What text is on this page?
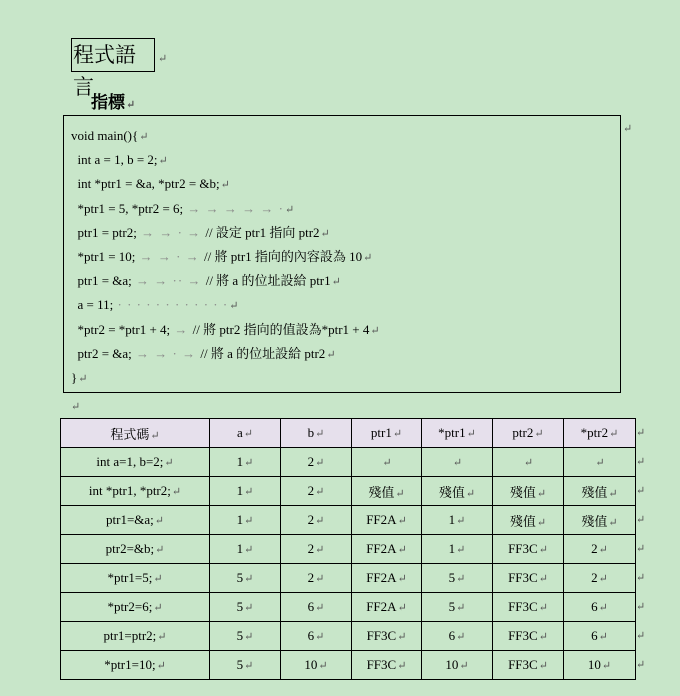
程式語言
↵
指標↵
void main(){↵
int a = 1, b = 2;↵
int *ptr1 = &a, *ptr2 = &b;↵
*ptr1 = 5, *ptr2 = 6; → → → → → ·↵
ptr1 = ptr2; → → · → // 設定 ptr1 指向 ptr2↵
*ptr1 = 10; → → · → // 將 ptr1 指向的內容設為 10↵
ptr1 = &a; → → ·· → // 將 a 的位址設給 ptr1↵
a = 11; · · · · · · · · · · · ·↵
*ptr2 = *ptr1 + 4; → // 將 ptr2 指向的值設為*ptr1 + 4↵
ptr2 = &a; → → · → // 將 a 的位址設給 ptr2↵
}↵
↵
↵
程式碼↵	a↵	b↵	ptr1↵	*ptr1↵	ptr2↵	*ptr2↵
int a=1, b=2;↵	1↵	2↵	↵	↵	↵	↵
int *ptr1, *ptr2;↵	1↵	2↵	殘值↵	殘值↵	殘值↵	殘值↵
ptr1=&a;↵	1↵	2↵	FF2A↵	1↵	殘值↵	殘值↵
ptr2=&b;↵	1↵	2↵	FF2A↵	1↵	FF3C↵	2↵
*ptr1=5;↵	5↵	2↵	FF2A↵	5↵	FF3C↵	2↵
*ptr2=6;↵	5↵	6↵	FF2A↵	5↵	FF3C↵	6↵
ptr1=ptr2;↵	5↵	6↵	FF3C↵	6↵	FF3C↵	6↵
*ptr1=10;↵	5↵	10↵	FF3C↵	10↵	FF3C↵	10↵
↵
↵
↵
↵
↵
↵
↵
↵
↵
